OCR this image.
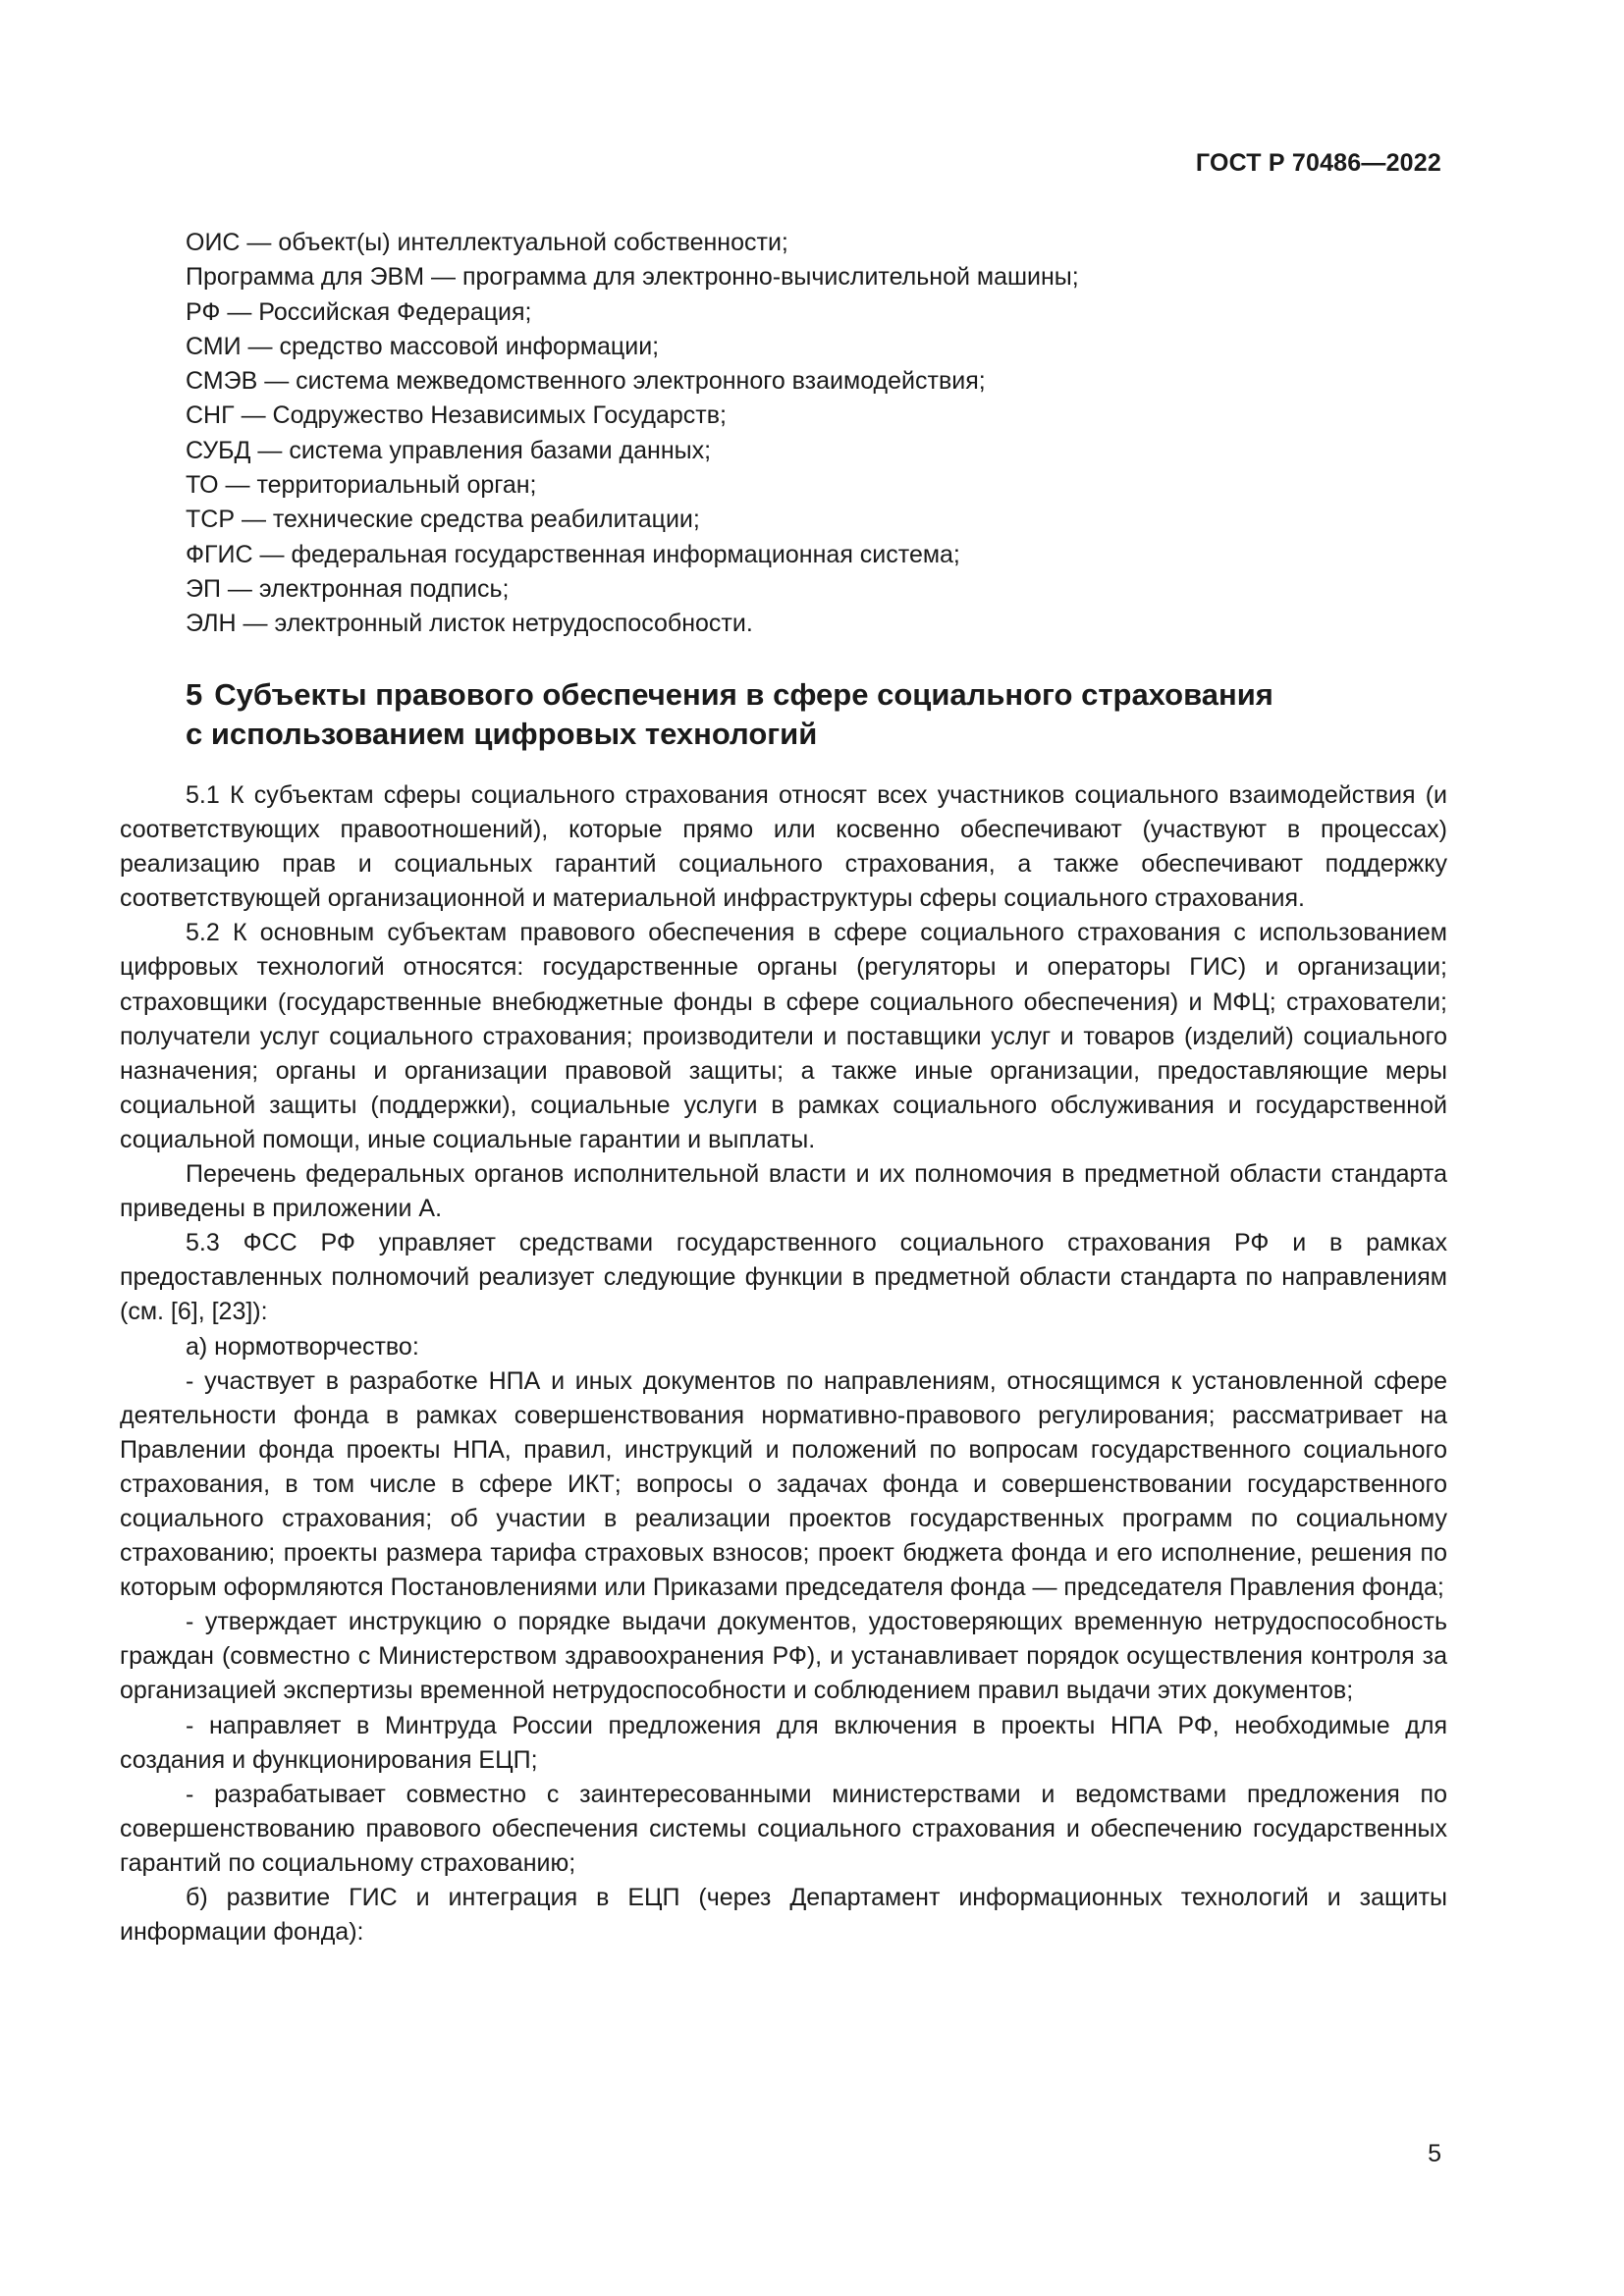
ГОСТ Р 70486—2022
ОИС — объект(ы) интеллектуальной собственности;
Программа для ЭВМ — программа для электронно-вычислительной машины;
РФ — Российская Федерация;
СМИ — средство массовой информации;
СМЭВ — система межведомственного электронного взаимодействия;
СНГ — Содружество Независимых Государств;
СУБД — система управления базами данных;
ТО — территориальный орган;
ТСР — технические средства реабилитации;
ФГИС — федеральная государственная информационная система;
ЭП — электронная подпись;
ЭЛН — электронный листок нетрудоспособности.
5 Субъекты правового обеспечения в сфере социального страхования
с использованием цифровых технологий

5.1 К субъектам сферы социального страхования относят всех участников социального взаимодействия (и соответствующих правоотношений), которые прямо или косвенно обеспечивают (участвуют в процессах) реализацию прав и социальных гарантий социального страхования, а также обеспечивают поддержку соответствующей организационной и материальной инфраструктуры сферы социального страхования.

5.2 К основным субъектам правового обеспечения в сфере социального страхования с использованием цифровых технологий относятся: государственные органы (регуляторы и операторы ГИС) и организации; страховщики (государственные внебюджетные фонды в сфере социального обеспечения) и МФЦ; страхователи; получатели услуг социального страхования; производители и поставщики услуг и товаров (изделий) социального назначения; органы и организации правовой защиты; а также иные организации, предоставляющие меры социальной защиты (поддержки), социальные услуги в рамках социального обслуживания и государственной социальной помощи, иные социальные гарантии и выплаты.

Перечень федеральных органов исполнительной власти и их полномочия в предметной области стандарта приведены в приложении А.

5.3 ФСС РФ управляет средствами государственного социального страхования РФ и в рамках предоставленных полномочий реализует следующие функции в предметной области стандарта по направлениям (см. [6], [23]):

а) нормотворчество:

- участвует в разработке НПА и иных документов по направлениям, относящимся к установленной сфере деятельности фонда в рамках совершенствования нормативно-правового регулирования; рассматривает на Правлении фонда проекты НПА, правил, инструкций и положений по вопросам государственного социального страхования, в том числе в сфере ИКТ; вопросы о задачах фонда и совершенствовании государственного социального страхования; об участии в реализации проектов государственных программ по социальному страхованию; проекты размера тарифа страховых взносов; проект бюджета фонда и его исполнение, решения по которым оформляются Постановлениями или Приказами председателя фонда — председателя Правления фонда;

- утверждает инструкцию о порядке выдачи документов, удостоверяющих временную нетрудоспособность граждан (совместно с Министерством здравоохранения РФ), и устанавливает порядок осуществления контроля за организацией экспертизы временной нетрудоспособности и соблюдением правил выдачи этих документов;

- направляет в Минтруда России предложения для включения в проекты НПА РФ, необходимые для создания и функционирования ЕЦП;

- разрабатывает совместно с заинтересованными министерствами и ведомствами предложения по совершенствованию правового обеспечения системы социального страхования и обеспечению государственных гарантий по социальному страхованию;

б) развитие ГИС и интеграция в ЕЦП (через Департамент информационных технологий и защиты информации фонда):

5
